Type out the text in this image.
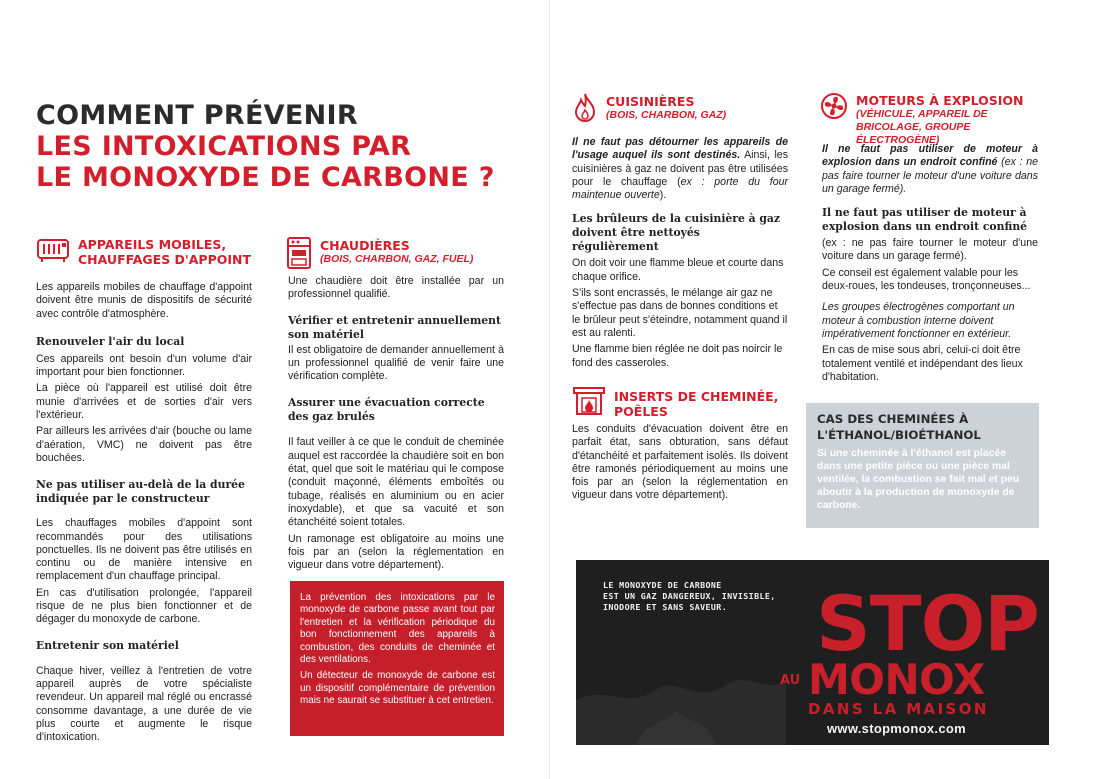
COMMENT PRÉVENIR
LES INTOXICATIONS PAR
LE MONOXYDE DE CARBONE ?
APPAREILS MOBILES,
CHAUFFAGES D'APPOINT

Les appareils mobiles de chauffage d'appoint doivent être munis de dispositifs de sécurité avec contrôle d'atmosphère.

Renouveler l'air du local

Ces appareils ont besoin d'un volume d'air important pour bien fonctionner.

La pièce où l'appareil est utilisé doit être munie d'arrivées et de sorties d'air vers l'extérieur.

Par ailleurs les arrivées d'air (bouche ou lame d'aération, VMC) ne doivent pas être bouchées.

Ne pas utiliser au-delà de la durée
indiquée par le constructeur

Les chauffages mobiles d'appoint sont recommandés pour des utilisations ponctuelles. Ils ne doivent pas être utilisés en continu ou de manière intensive en remplacement d'un chauffage principal.

En cas d'utilisation prolongée, l'appareil risque de ne plus bien fonctionner et de dégager du monoxyde de carbone.

Entretenir son matériel

Chaque hiver, veillez à l'entretien de votre appareil auprès de votre spécialiste revendeur. Un appareil mal réglé ou encrassé consomme davantage, a une durée de vie plus courte et augmente le risque d'intoxication.

CHAUDIÈRES
(BOIS, CHARBON, GAZ, FUEL)

Une chaudière doit être installée par un professionnel qualifié.

Vérifier et entretenir annuellement
son matériel

Il est obligatoire de demander annuellement à un professionnel qualifié de venir faire une vérification complète.

Assurer une évacuation correcte
des gaz brulés

Il faut veiller à ce que le conduit de cheminée auquel est raccordée la chaudière soit en bon état, quel que soit le matériau qui le compose (conduit maçonné, éléments emboîtés ou tubage, réalisés en aluminium ou en acier inoxydable), et que sa vacuité et son étanchéité soient totales.

Un ramonage est obligatoire au moins une fois par an (selon la réglementation en vigueur dans votre département).

La prévention des intoxications par le monoxyde de carbone passe avant tout par l'entretien et la vérification périodique du bon fonctionnement des appareils à combustion, des conduits de cheminée et des ventilations.

Un détecteur de monoxyde de carbone est un dispositif complémentaire de prévention mais ne saurait se substituer à cet entretien.

CUISINIÈRES
(BOIS, CHARBON, GAZ)

Il ne faut pas détourner les appareils de l'usage auquel ils sont destinés. Ainsi, les cuisinières à gaz ne doivent pas être utilisées pour le chauffage (ex : porte du four maintenue ouverte).

Les brûleurs de la cuisinière à gaz
doivent être nettoyés régulièrement

On doit voir une flamme bleue et courte dans chaque orifice.

S'ils sont encrassés, le mélange air gaz ne s'effectue pas dans de bonnes conditions et le brûleur peut s'éteindre, notamment quand il est au ralenti.

Une flamme bien réglée ne doit pas noircir le fond des casseroles.

INSERTS DE CHEMINÉE,
POÊLES

Les conduits d'évacuation doivent être en parfait état, sans obturation, sans défaut d'étanchéité et parfaitement isolés. Ils doivent être ramonés périodiquement au moins une fois par an (selon la réglementation en vigueur dans votre département).

MOTEURS À EXPLOSION
(VÉHICULE, APPAREIL DE
BRICOLAGE, GROUPE ÉLECTROGÈNE)

Il ne faut pas utiliser de moteur à explosion dans un endroit confiné (ex : ne pas faire tourner le moteur d'une voiture dans un garage fermé).

Il ne faut pas utiliser de moteur à
explosion dans un endroit confiné

(ex : ne pas faire tourner le moteur d'une voiture dans un garage fermé).

Ce conseil est également valable pour les deux-roues, les tondeuses, tronçonneuses...

Les groupes électrogènes comportant un moteur à combustion interne doivent impérativement fonctionner en extérieur.

En cas de mise sous abri, celui-ci doit être totalement ventilé et indépendant des lieux d'habitation.

CAS DES CHEMINÉES À
L'ÉTHANOL/BIOÉTHANOL

Si une cheminée à l'éthanol est placée dans une petite pièce ou une pièce mal ventilée, la combustion se fait mal et peu aboutir à la production de monoxyde de carbone.

LE MONOXYDE DE CARBONE
EST UN GAZ DANGEREUX, INVISIBLE,
INODORE ET SANS SAVEUR.	STOP
AU MONOX
DANS LA MAISON
www.stopmonox.com
